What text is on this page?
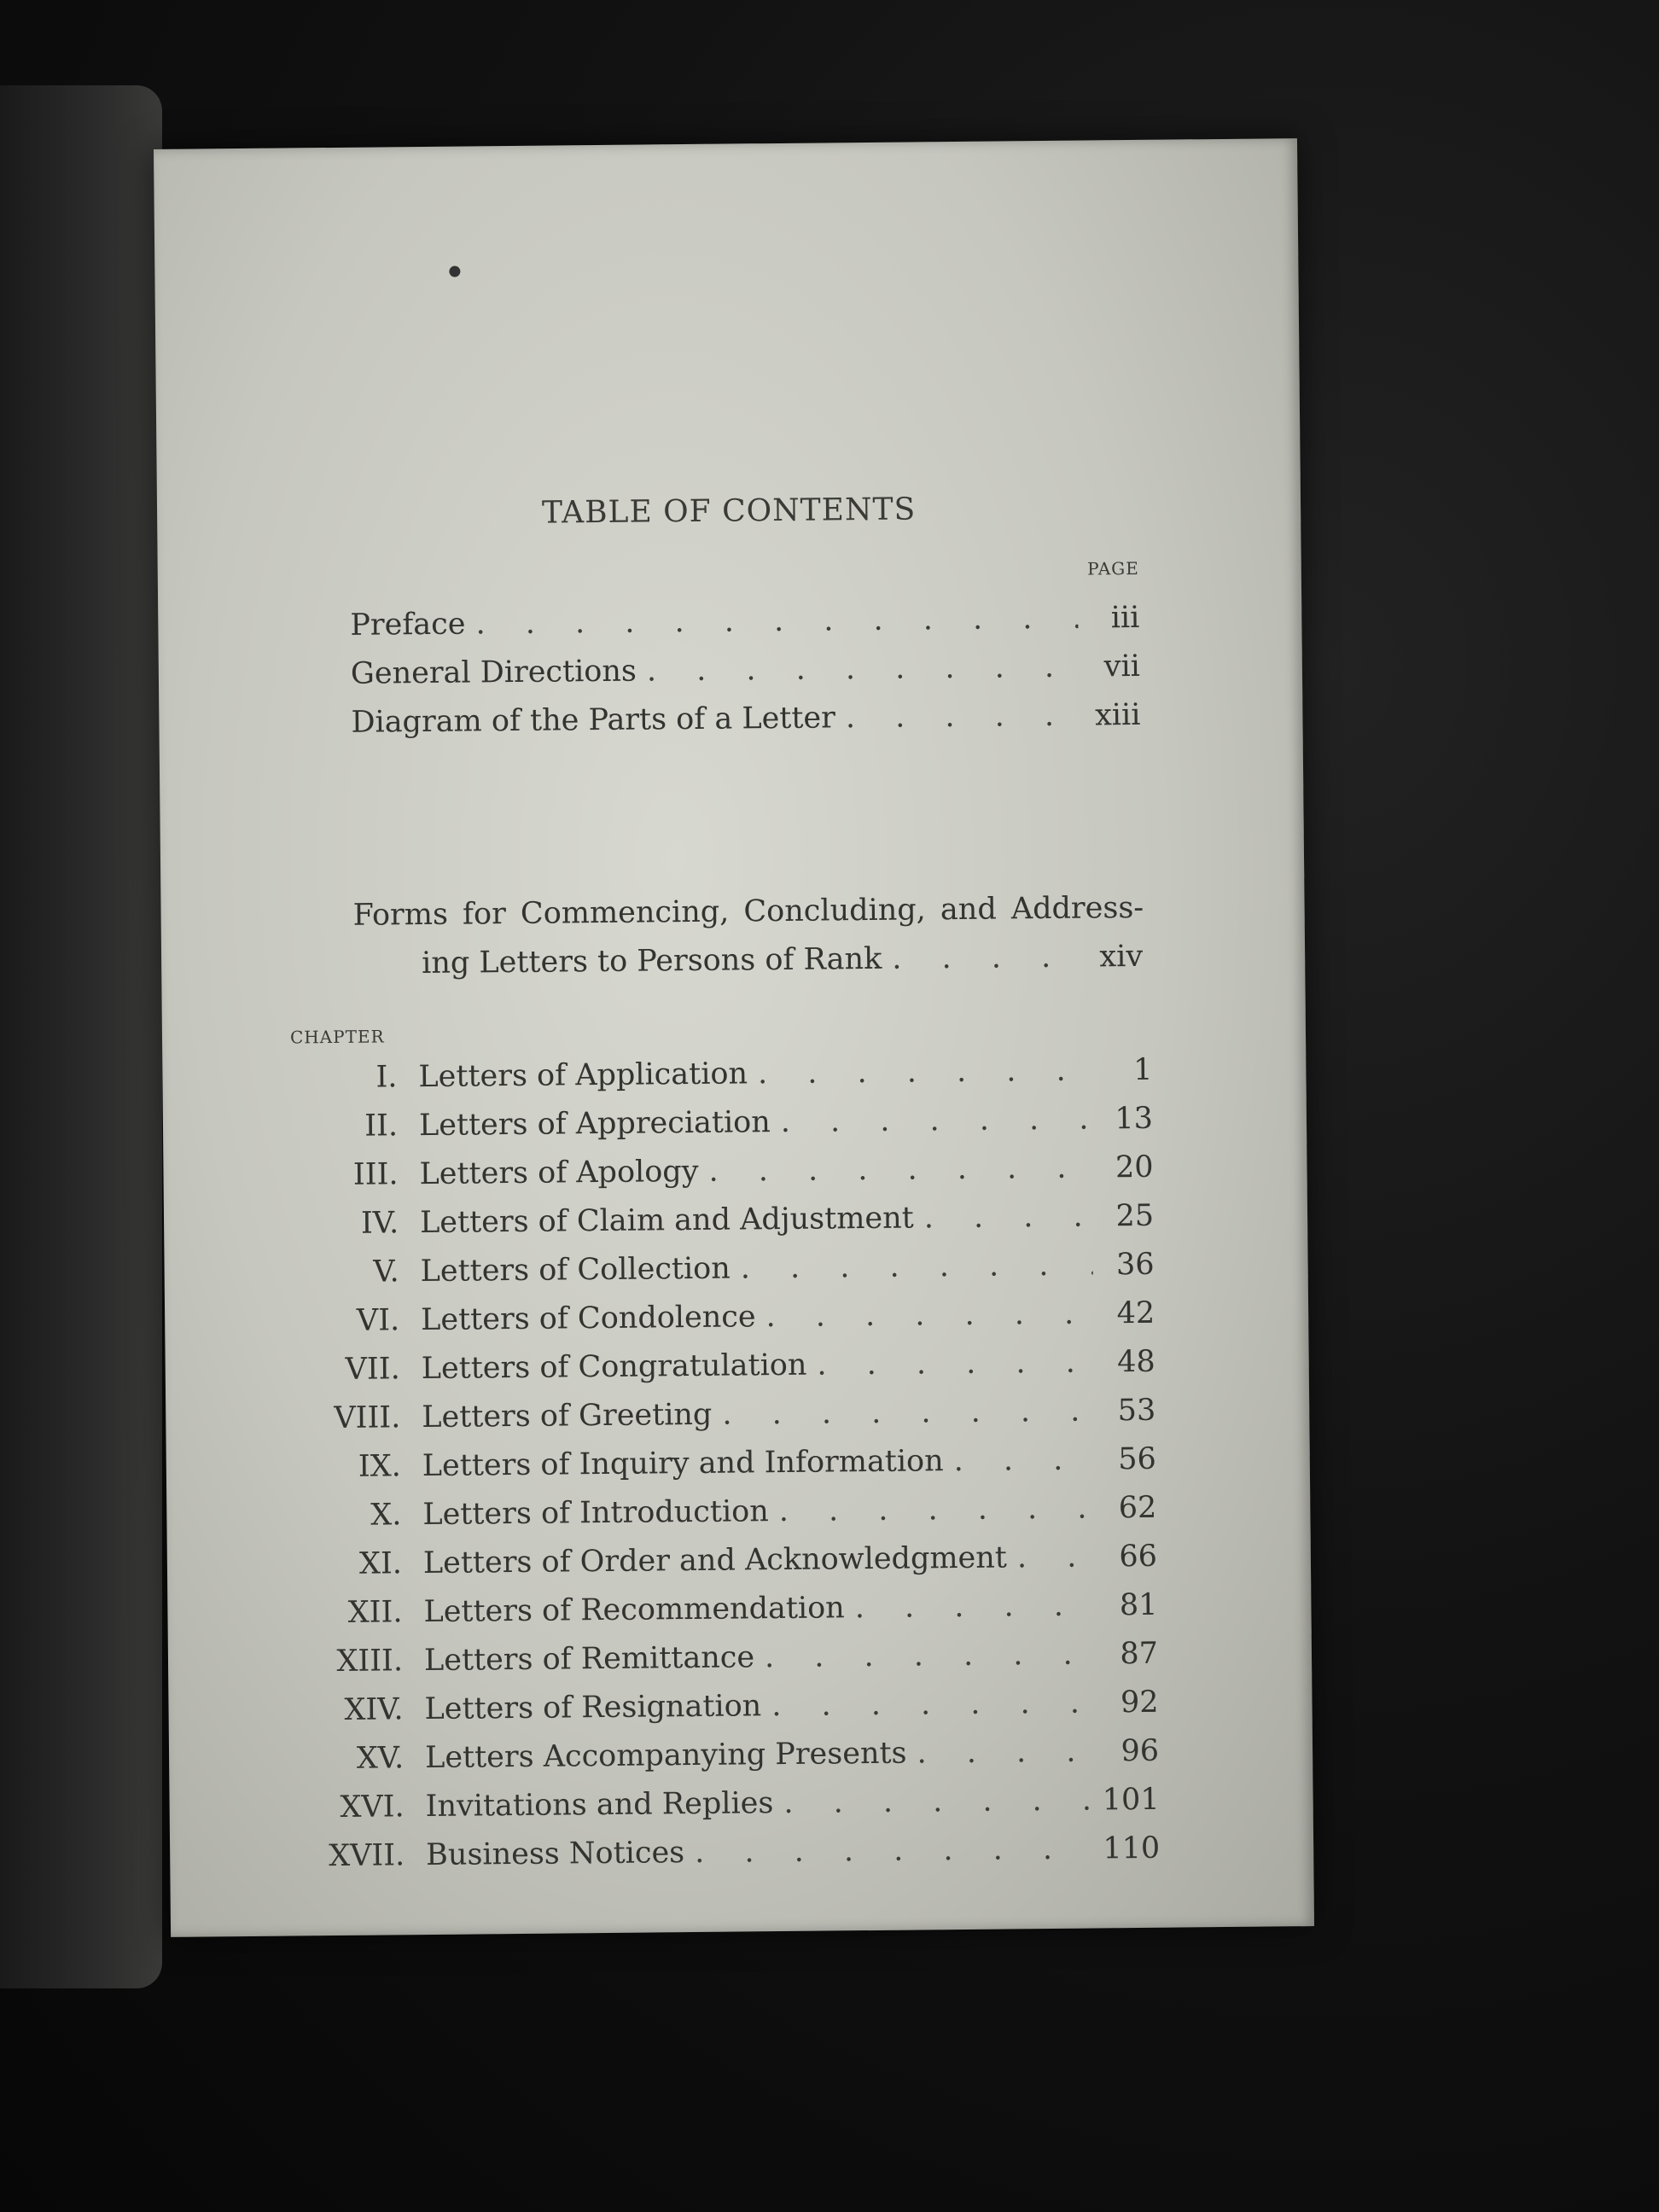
TABLE OF CONTENTS
PAGE
Preface . . .	iii
General Directions . . .	vii
Diagram of the Parts of a Letter . . .	xiii
Forms for Commencing, Concluding, and Address-
ing Letters to Persons of Rank . . .	xiv
CHAPTER
I. Letters of Application . . .	1
II. Letters of Appreciation . . .	13
III. Letters of Apology . . .	20
IV. Letters of Claim and Adjustment . . .	25
V. Letters of Collection . . .	36
VI. Letters of Condolence . . .	42
VII. Letters of Congratulation . . .	48
VIII. Letters of Greeting . . .	53
IX. Letters of Inquiry and Information . . .	56
X. Letters of Introduction . . .	62
XI. Letters of Order and Acknowledgment . . .	66
XII. Letters of Recommendation . . .	81
XIII. Letters of Remittance . . .	87
XIV. Letters of Resignation . . .	92
XV. Letters Accompanying Presents . . .	96
XVI. Invitations and Replies . . .	101
XVII. Business Notices . . .	110
